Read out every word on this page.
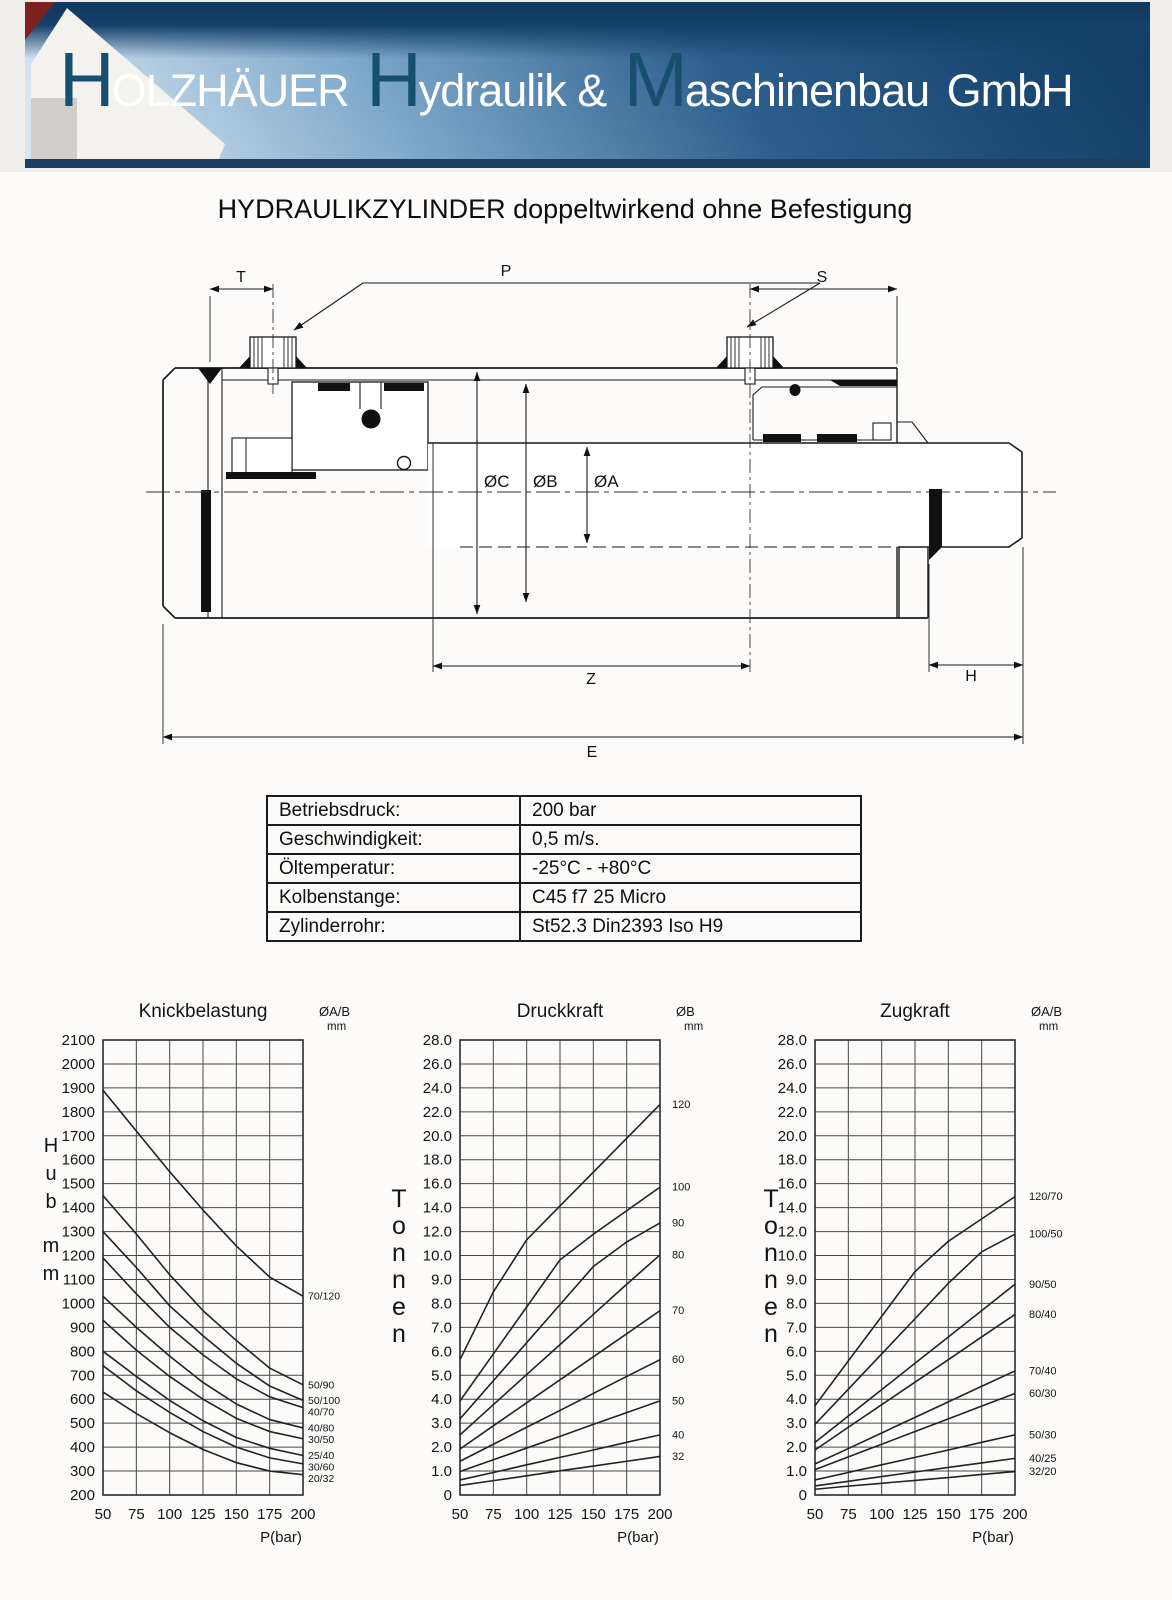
HOLZHÄUER Hydraulik & Maschinenbau GmbH
HYDRAULIKZYLINDER doppeltwirkend ohne Befestigung
T	P	S
ØC ØB ØA
Z	H
E
Betriebsdruck:	200 bar
Geschwindigkeit:	0,5 m/s.
Öltemperatur:	-25°C - +80°C
Kolbenstange:	C45 f7 25 Micro
Zylinderrohr:	St52.3 Din2393 Iso H9
200
300
400
500
600
700
800
900
1000
1100
1200
1300
1400
1500
1600
1700
1800
1900
2000
2100
50 75 100 125 150 175 200
P(bar)
Knickbelastung	ØA/B
mm
H
u
b
m
m
70/120
50/90
50/100
40/70
40/80
30/50
25/40
30/60
20/32
0
1.0
2.0
3.0
4.0
5.0
6.0
7.0
8.0
9.0
10.0
12.0
14.0
16.0
18.0
20.0
22.0
24.0
26.0
28.0
50 75 100 125 150 175 200
P(bar)
Druckkraft	ØB
mm
T
o
n
n
e
n
120
100
90
80
70
60
50
40
32
0
1.0
2.0
3.0
4.0
5.0
6.0
7.0
8.0
9.0
10.0
12.0
14.0
16.0
18.0
20.0
22.0
24.0
26.0
28.0
50 75 100 125 150 175 200
P(bar)
Zugkraft	ØA/B
mm
T
o
n
n
e
n
120/70
100/50
90/50
80/40
70/40
60/30
50/30
40/25
32/20
